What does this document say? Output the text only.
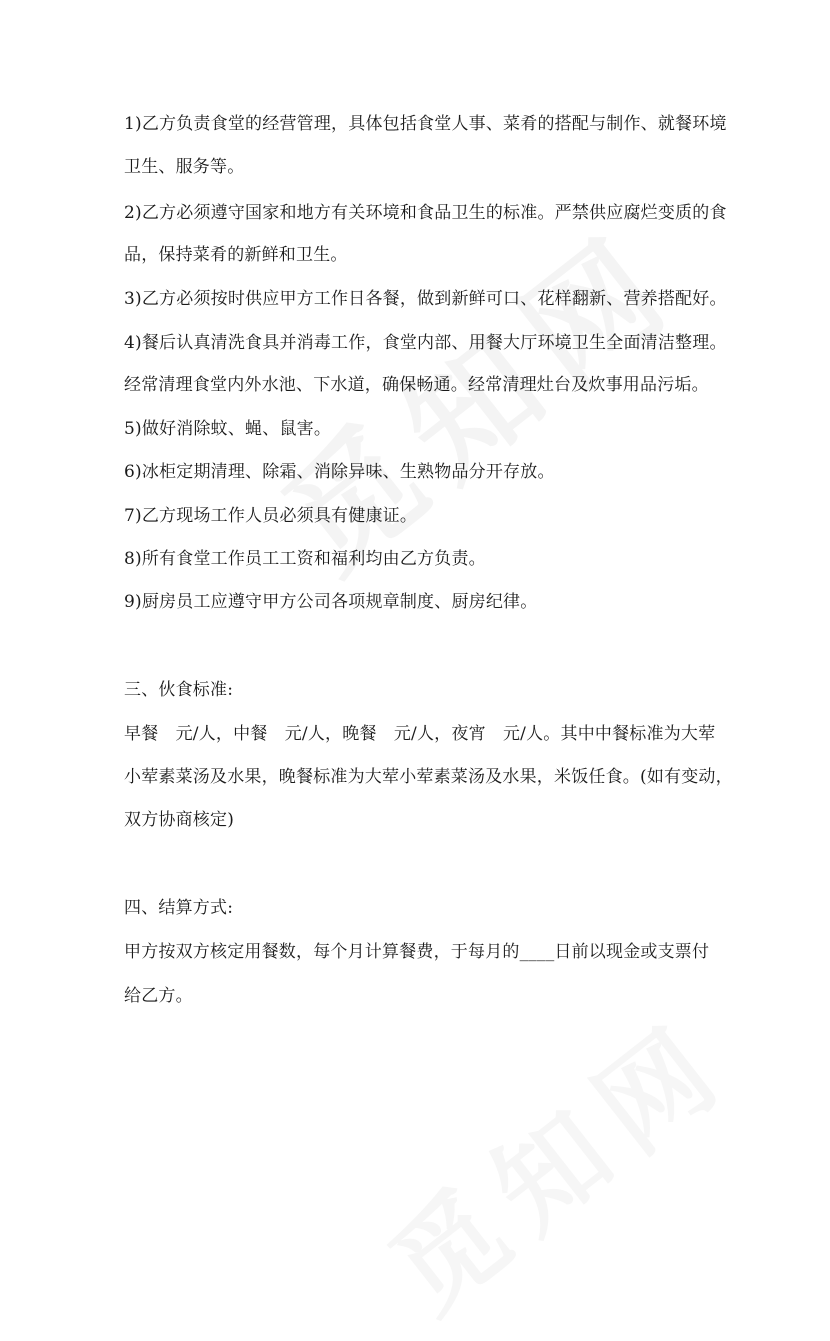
1)乙方负责食堂的经营管理，具体包括食堂人事、菜肴的搭配与制作、就餐环境
卫生、服务等。
2)乙方必须遵守国家和地方有关环境和食品卫生的标准。严禁供应腐烂变质的食
品，保持菜肴的新鲜和卫生。
3)乙方必须按时供应甲方工作日各餐，做到新鲜可口、花样翻新、营养搭配好。
4)餐后认真清洗食具并消毒工作，食堂内部、用餐大厅环境卫生全面清洁整理。
经常清理食堂内外水池、下水道，确保畅通。经常清理灶台及炊事用品污垢。
5)做好消除蚊、蝇、鼠害。
6)冰柜定期清理、除霜、消除异味、生熟物品分开存放。
7)乙方现场工作人员必须具有健康证。
8)所有食堂工作员工工资和福利均由乙方负责。
9)厨房员工应遵守甲方公司各项规章制度、厨房纪律。
三、伙食标准:
早餐　元/人，中餐　元/人，晚餐　元/人，夜宵　元/人。其中中餐标准为大荤
小荤素菜汤及水果，晚餐标准为大荤小荤素菜汤及水果，米饭任食。(如有变动，
双方协商核定)
四、结算方式:
甲方按双方核定用餐数，每个月计算餐费，于每月的____日前以现金或支票付
给乙方。
